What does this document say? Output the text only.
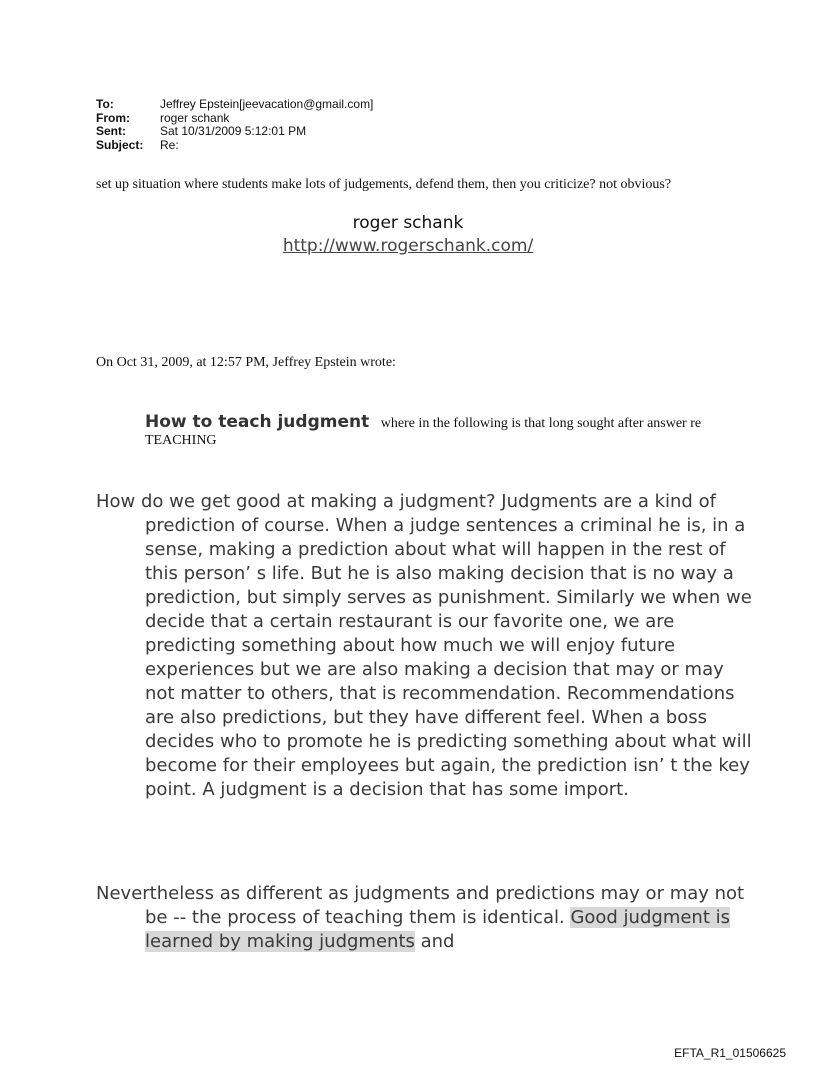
To:	Jeffrey Epstein[jeevacation@gmail.com]
From:	roger schank
Sent:	Sat 10/31/2009 5:12:01 PM
Subject:	Re:
set up situation where students make lots of judgements, defend them, then you criticize? not obvious?
roger schank
http://www.rogerschank.com/
On Oct 31, 2009, at 12:57 PM, Jeffrey Epstein wrote:
How to teach judgment where in the following is that long sought after answer re TEACHING
How do we get good at making a judgment? Judgments are a kind of prediction of course. When a judge sentences a criminal he is, in a sense, making a prediction about what will happen in the rest of this person’ s life. But he is also making decision that is no way a prediction, but simply serves as punishment. Similarly we when we decide that a certain restaurant is our favorite one, we are predicting something about how much we will enjoy future experiences but we are also making a decision that may or may not matter to others, that is recommendation. Recommendations are also predictions, but they have different feel. When a boss decides who to promote he is predicting something about what will become for their employees but again, the prediction isn’ t the key point. A judgment is a decision that has some import.
Nevertheless as different as judgments and predictions may or may not be -- the process of teaching them is identical. Good judgment is learned by making judgments and
EFTA_R1_01506625
